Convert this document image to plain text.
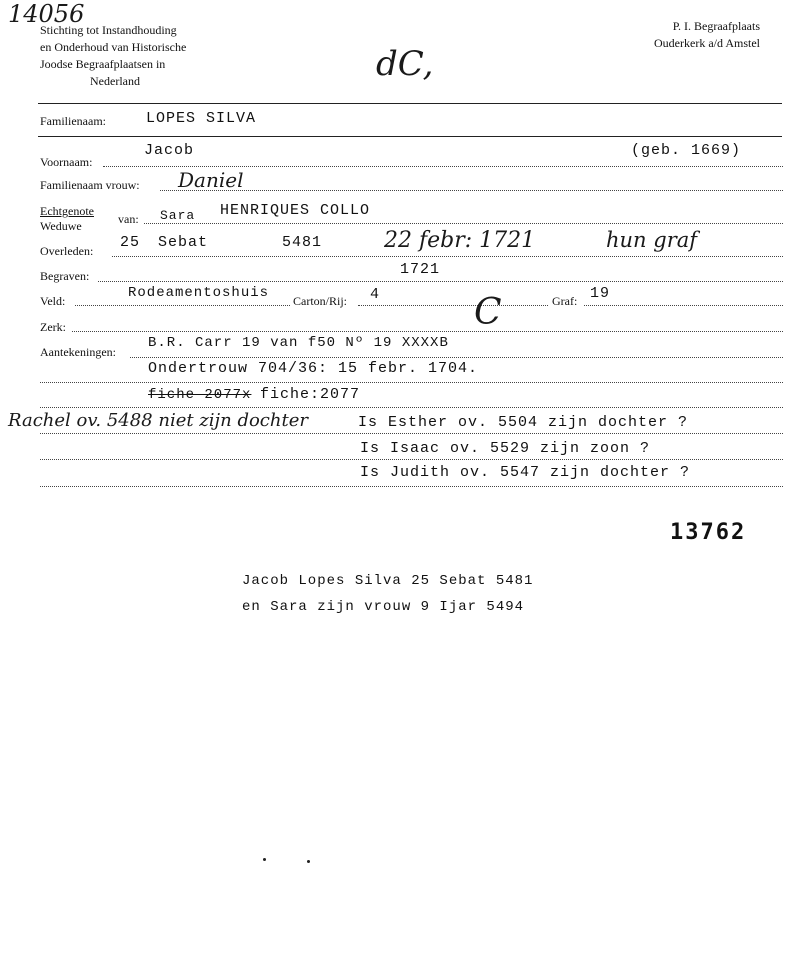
14056
Stichting tot Instandhouding
en Onderhoud van Historische
Joodse Begraafplaatsen in
Nederland
P. I. Begraafplaats
Ouderkerk a/d Amstel
dC,
Familienaam:	LOPES SILVA
Voornaam:
Jacob	(geb. 1669)
Familienaam vrouw: Daniel
Echtgenote
Weduwe	van: Sara HENRIQUES COLLO
Overleden: 25 Sebat	5481	22 febr: 1721	hun graf
Begraven:	1721
Veld:	Rodeamentoshuis Carton/Rij: 4	Graf: 19
Zerk:	C
Aantekeningen:
B.R. Carr 19 van f50 Nº 19 XXXXB
Ondertrouw 704/36: 15 febr. 1704.
fiche 2077x fiche:2077
Rachel ov. 5488 niet zijn dochter	Is Esther ov. 5504 zijn dochter ?
Is Isaac ov. 5529 zijn zoon ?
Is Judith ov. 5547 zijn dochter ?
13762
Jacob Lopes Silva 25 Sebat 5481
en Sara zijn vrouw 9 Ijar 5494
